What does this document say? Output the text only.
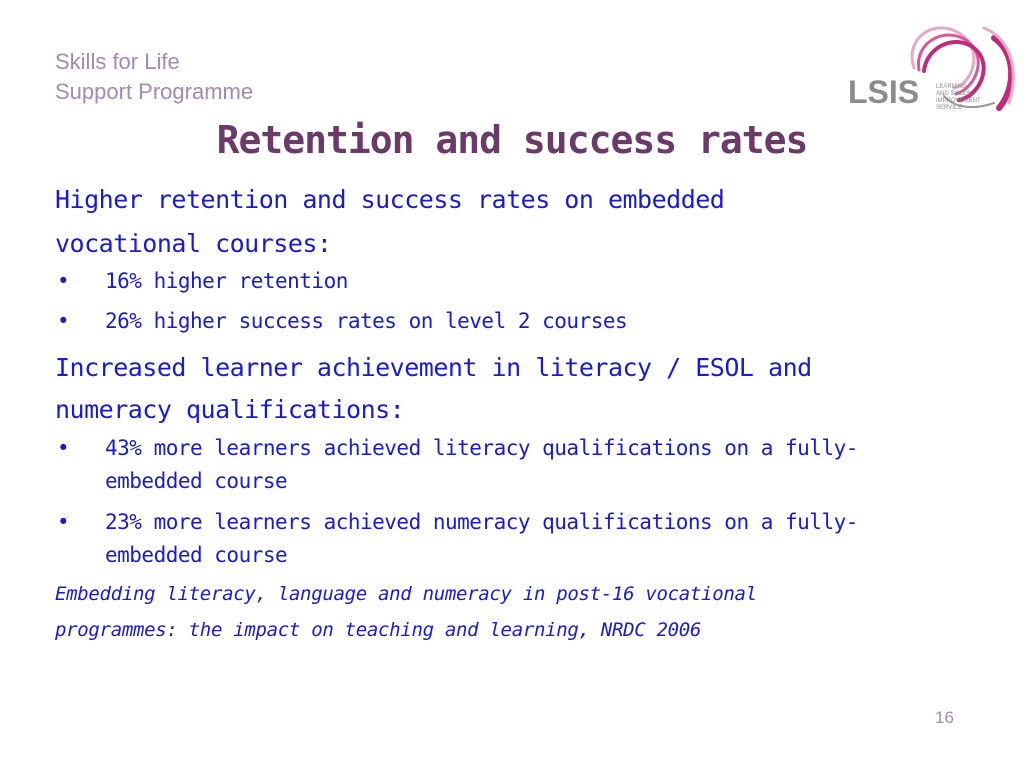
Skills for Life
Support Programme	LSIS	LEARNING
AND SKILLS
IMPROVEMENT
SERVICE
Retention and success rates

Higher retention and success rates on embedded

vocational courses:

• 16% higher retention
• 26% higher success rates on level 2 courses

Increased learner achievement in literacy / ESOL and

numeracy qualifications:

• 43% more learners achieved literacy qualifications on a fully-embedded course
• 23% more learners achieved numeracy qualifications on a fully-embedded course

Embedding literacy, language and numeracy in post-16 vocational

programmes: the impact on teaching and learning, NRDC 2006

16
